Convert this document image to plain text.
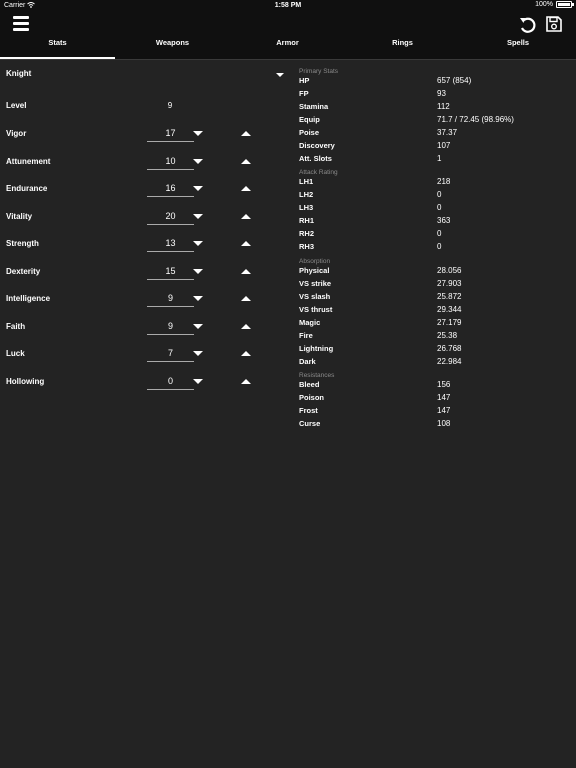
Carrier	1:58 PM	100%
Stats	Weapons	Armor	Rings	Spells
Knight
Level	9
Vigor	17
Attunement	10
Endurance	16
Vitality	20
Strength	13
Dexterity	15
Intelligence	9
Faith	9
Luck	7
Hollowing	0
Primary Stats
HP	657 (854)
FP	93
Stamina	112
Equip	71.7 / 72.45 (98.96%)
Poise	37.37
Discovery	107
Att. Slots	1
Attack Rating
LH1	218
LH2	0
LH3	0
RH1	363
RH2	0
RH3	0
Absorption
Physical	28.056
VS strike	27.903
VS slash	25.872
VS thrust	29.344
Magic	27.179
Fire	25.38
Lightning	26.768
Dark	22.984
Resistances
Bleed	156
Poison	147
Frost	147
Curse	108
